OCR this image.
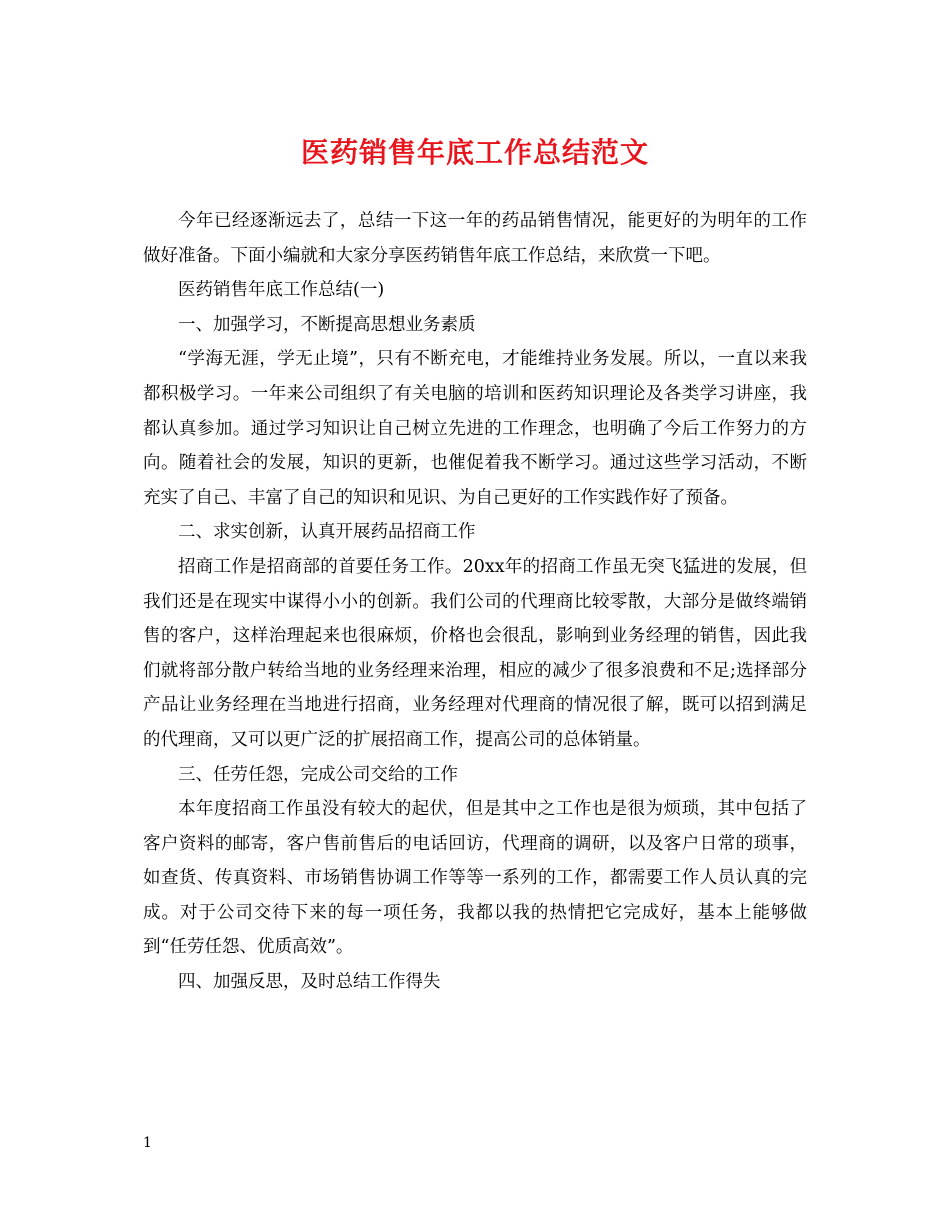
医药销售年底工作总结范文

今年已经逐渐远去了，总结一下这一年的药品销售情况，能更好的为明年的工作做好准备。下面小编就和大家分享医药销售年底工作总结，来欣赏一下吧。

医药销售年底工作总结(一)

一、加强学习，不断提高思想业务素质

“学海无涯，学无止境”，只有不断充电，才能维持业务发展。所以，一直以来我都积极学习。一年来公司组织了有关电脑的培训和医药知识理论及各类学习讲座，我都认真参加。通过学习知识让自己树立先进的工作理念，也明确了今后工作努力的方向。随着社会的发展，知识的更新，也催促着我不断学习。通过这些学习活动，不断充实了自己、丰富了自己的知识和见识、为自己更好的工作实践作好了预备。

二、求实创新，认真开展药品招商工作

招商工作是招商部的首要任务工作。20xx年的招商工作虽无突飞猛进的发展，但我们还是在现实中谋得小小的创新。我们公司的代理商比较零散，大部分是做终端销售的客户，这样治理起来也很麻烦，价格也会很乱，影响到业务经理的销售，因此我们就将部分散户转给当地的业务经理来治理，相应的减少了很多浪费和不足;选择部分产品让业务经理在当地进行招商，业务经理对代理商的情况很了解，既可以招到满足的代理商，又可以更广泛的扩展招商工作，提高公司的总体销量。

三、任劳任怨，完成公司交给的工作

本年度招商工作虽没有较大的起伏，但是其中之工作也是很为烦琐，其中包括了客户资料的邮寄，客户售前售后的电话回访，代理商的调研，以及客户日常的琐事，如查货、传真资料、市场销售协调工作等等一系列的工作，都需要工作人员认真的完成。对于公司交待下来的每一项任务，我都以我的热情把它完成好，基本上能够做到“任劳任怨、优质高效”。

四、加强反思，及时总结工作得失

1
